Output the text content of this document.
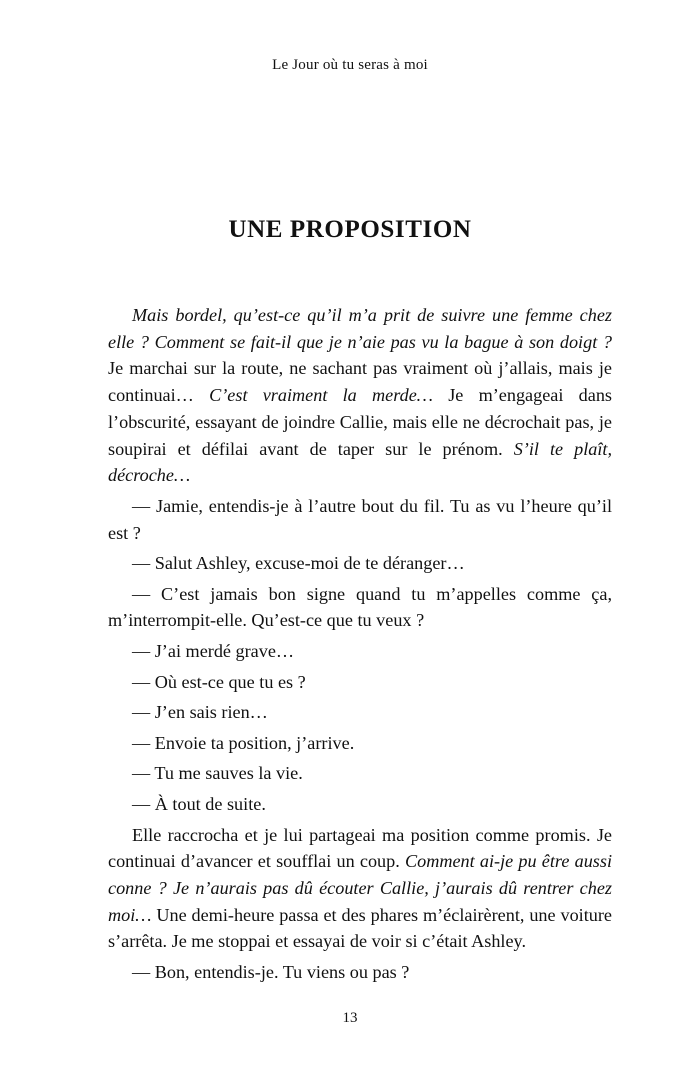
Le Jour où tu seras à moi
UNE PROPOSITION

Mais bordel, qu’est-ce qu’il m’a prit de suivre une femme chez elle ? Comment se fait-il que je n’aie pas vu la bague à son doigt ? Je marchai sur la route, ne sachant pas vraiment où j’allais, mais je continuai… C’est vraiment la merde… Je m’engageai dans l’obscurité, essayant de joindre Callie, mais elle ne décrochait pas, je soupirai et défilai avant de taper sur le prénom. S’il te plaît, décroche…

— Jamie, entendis-je à l’autre bout du fil. Tu as vu l’heure qu’il est ?

— Salut Ashley, excuse-moi de te déranger…

— C’est jamais bon signe quand tu m’appelles comme ça, m’interrompit-elle. Qu’est-ce que tu veux ?

— J’ai merdé grave…

— Où est-ce que tu es ?

— J’en sais rien…

— Envoie ta position, j’arrive.

— Tu me sauves la vie.

— À tout de suite.

Elle raccrocha et je lui partageai ma position comme promis. Je continuai d’avancer et soufflai un coup. Comment ai-je pu être aussi conne ? Je n’aurais pas dû écouter Callie, j’aurais dû rentrer chez moi… Une demi-heure passa et des phares m’éclairèrent, une voiture s’arrêta. Je me stoppai et essayai de voir si c’était Ashley.

— Bon, entendis-je. Tu viens ou pas ?

13
